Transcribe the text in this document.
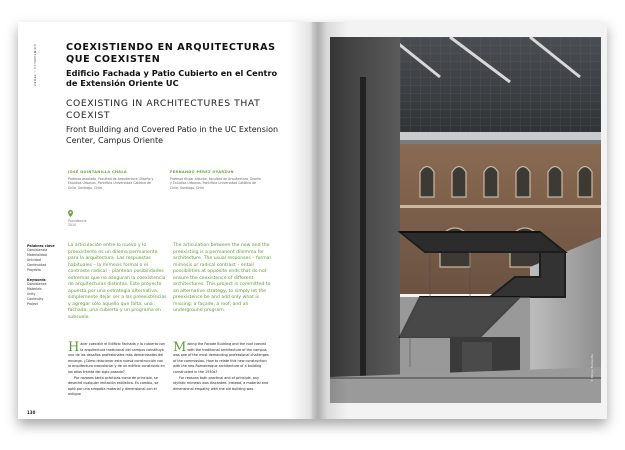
QUINTANILLA • PÉREZ	COEXISTIENDO EN ARQUITECTURAS QUE COEXISTEN
Edificio Fachada y Patio Cubierto en el Centro de Extensión Oriente UC
COEXISTING IN ARCHITECTURES THAT COEXIST
Front Building and Covered Patio in the UC Extension Center, Campus Oriente
JOSÉ QUINTANILLA CHALA
Profesor asociado, Facultad de Arquitectura, Diseño y Estudios Urbanos, Pontificia Universidad Católica de Chile, Santiago, Chile
FERNANDO PÉREZ OYARZUN
Profesor titular adjunto, Facultad de Arquitectura, Diseño y Estudios Urbanos, Pontificia Universidad Católica de Chile, Santiago, Chile
Providencia
2010
Palabras clave
Coexistencia
Materialidad
Unicidad
Continuidad
Proyecto
Keywords
Coexistence
Materials
Unity
Continuity
Project
La articulación entre lo nuevo y lo preexistente es un dilema permanente para la arquitectura. Las respuestas habituales – la mímesis formal o el contraste radical – plantean posibilidades extremas que no aseguran la coexistencia de arquitecturas distintas. Este proyecto apuesta por una estrategia alternativa, simplemente dejar ser a las preexistencias y agregar sólo aquello que falta: una fachada, una cubierta y un programa en subsuelo.
The articulation between the new and the preexisting is a permanent dilemma for architecture. The usual responses – formal mimesis or radical contrast – entail possibilities at opposite ends that do not ensure the coexistence of different architectures. This project is committed to an alternative strategy, to simply let the preexistence be and add only what is missing: a façade, a roof, and an underground program.
Hacer coexistir el Edificio Fachada y la cubierta con la arquitectura tradicional del campus constituyó uno de los desafíos profesionales más demandantes del encargo. ¿Cómo relacionar esta nueva construcción con la arquitectura neocolonial y de un edificio construido en los años treinta del siglo pasado?
Por razones tanto prácticas como de principio, se desechó cualquier imitación estilística. Es cambio, se optó por una simpatía material y dimensional con el antiguo
Making the Facade Building and the roof coexist with the traditional architecture of the campus was one of the most demanding professional challenges of the commission. How to relate this new construction with the neo-Romanesque architecture of a building constructed in the 1930s?
For reasons both practical and of principle, any stylistic mimesis was discarded. Instead, a material and dimensional empathy with the old building was
130
© Felipe Fontecilla
